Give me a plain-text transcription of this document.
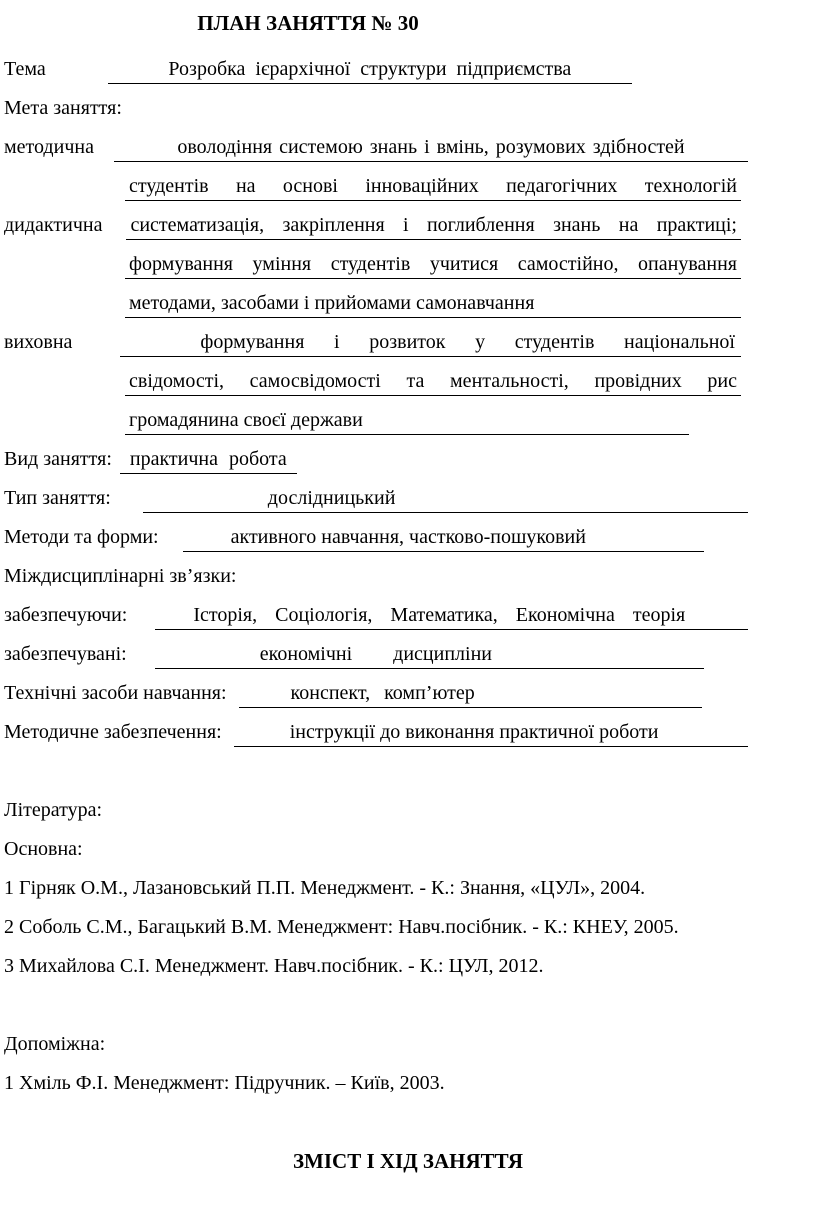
ПЛАН ЗАНЯТТЯ № 30
Тема	Розробка ієрархічної структури підприємства
Мета заняття:
методична	оволодіння системою знань і вмінь, розумових здібностей
студентів на основі інноваційних педагогічних технологій
дидактична систематизація, закріплення і поглиблення знань на практиці;
формування уміння студентів учитися самостійно, опанування
методами, засобами і прийомами самонавчання
виховна	формування і розвиток у студентів національної
свідомості, самосвідомості та ментальності, провідних рис
громадянина своєї держави
Вид заняття: практична робота
Тип заняття:	дослідницький
Методи та форми:	активного навчання, частково-пошуковий
Міждисциплінарні зв’язки:
забезпечуючи:	Історія, Соціологія, Математика, Економічна теорія
забезпечувані:	економічні дисципліни
Технічні засоби навчання:	конспект, комп’ютер
Методичне забезпечення:	інструкції до виконання практичної роботи
Література:
Основна:
1 Гірняк О.М., Лазановський П.П. Менеджмент. - К.: Знання, «ЦУЛ», 2004.
2 Соболь С.М., Багацький В.М. Менеджмент: Навч.посібник. - К.: КНЕУ, 2005.
3 Михайлова С.І. Менеджмент. Навч.посібник. - К.: ЦУЛ, 2012.
Допоміжна:
1 Хміль Ф.І. Менеджмент: Підручник. – Київ, 2003.
ЗМІСТ І ХІД ЗАНЯТТЯ
